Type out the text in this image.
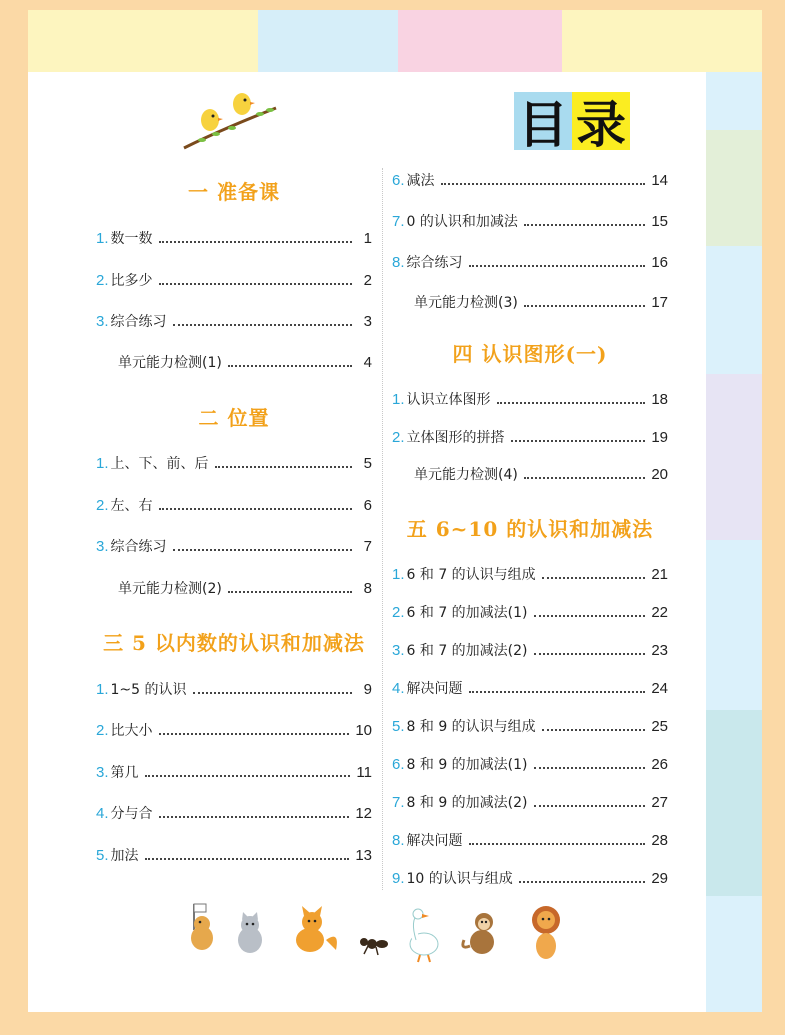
目 录
一 准备课
二 位置
三 5 以内数的认识和加减法
四 认识图形(一)
五 6~10 的认识和加减法
1. 数一数	1
2. 比多少	2
3. 综合练习	3
单元能力检测(1)	4
1. 上、下、前、后	5
2. 左、右	6
3. 综合练习	7
单元能力检测(2)	8
1. 1~5 的认识	9
2. 比大小	10
3. 第几	11
4. 分与合	12
5. 加法	13
6. 减法	14
7. 0 的认识和加减法	15
8. 综合练习	16
单元能力检测(3)	17
1. 认识立体图形	18
2. 立体图形的拼搭	19
单元能力检测(4)	20
1. 6 和 7 的认识与组成	21
2. 6 和 7 的加减法(1)	22
3. 6 和 7 的加减法(2)	23
4. 解决问题	24
5. 8 和 9 的认识与组成	25
6. 8 和 9 的加减法(1)	26
7. 8 和 9 的加减法(2)	27
8. 解决问题	28
9. 10 的认识与组成	29
